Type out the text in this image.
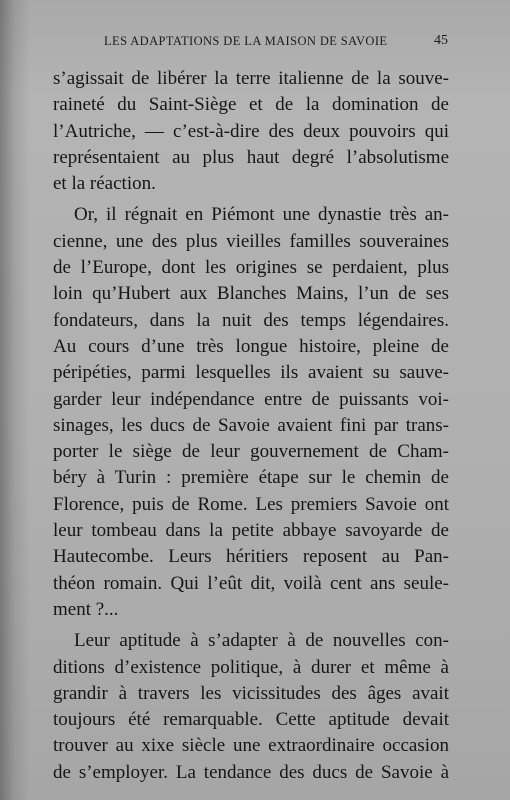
LES ADAPTATIONS DE LA MAISON DE SAVOIE	45
s’agissait de libérer la terre italienne de la souve-
raineté du Saint-Siège et de la domination de
l’Autriche, — c’est-à-dire des deux pouvoirs qui
représentaient au plus haut degré l’absolutisme
et la réaction.
Or, il régnait en Piémont une dynastie très an-
cienne, une des plus vieilles familles souveraines
de l’Europe, dont les origines se perdaient, plus
loin qu’Hubert aux Blanches Mains, l’un de ses
fondateurs, dans la nuit des temps légendaires.
Au cours d’une très longue histoire, pleine de
péripéties, parmi lesquelles ils avaient su sauve-
garder leur indépendance entre de puissants voi-
sinages, les ducs de Savoie avaient fini par trans-
porter le siège de leur gouvernement de Cham-
béry à Turin : première étape sur le chemin de
Florence, puis de Rome. Les premiers Savoie ont
leur tombeau dans la petite abbaye savoyarde de
Hautecombe. Leurs héritiers reposent au Pan-
théon romain. Qui l’eût dit, voilà cent ans seule-
ment ?...
Leur aptitude à s’adapter à de nouvelles con-
ditions d’existence politique, à durer et même à
grandir à travers les vicissitudes des âges avait
toujours été remarquable. Cette aptitude devait
trouver au xixe siècle une extraordinaire occasion
de s’employer. La tendance des ducs de Savoie à
